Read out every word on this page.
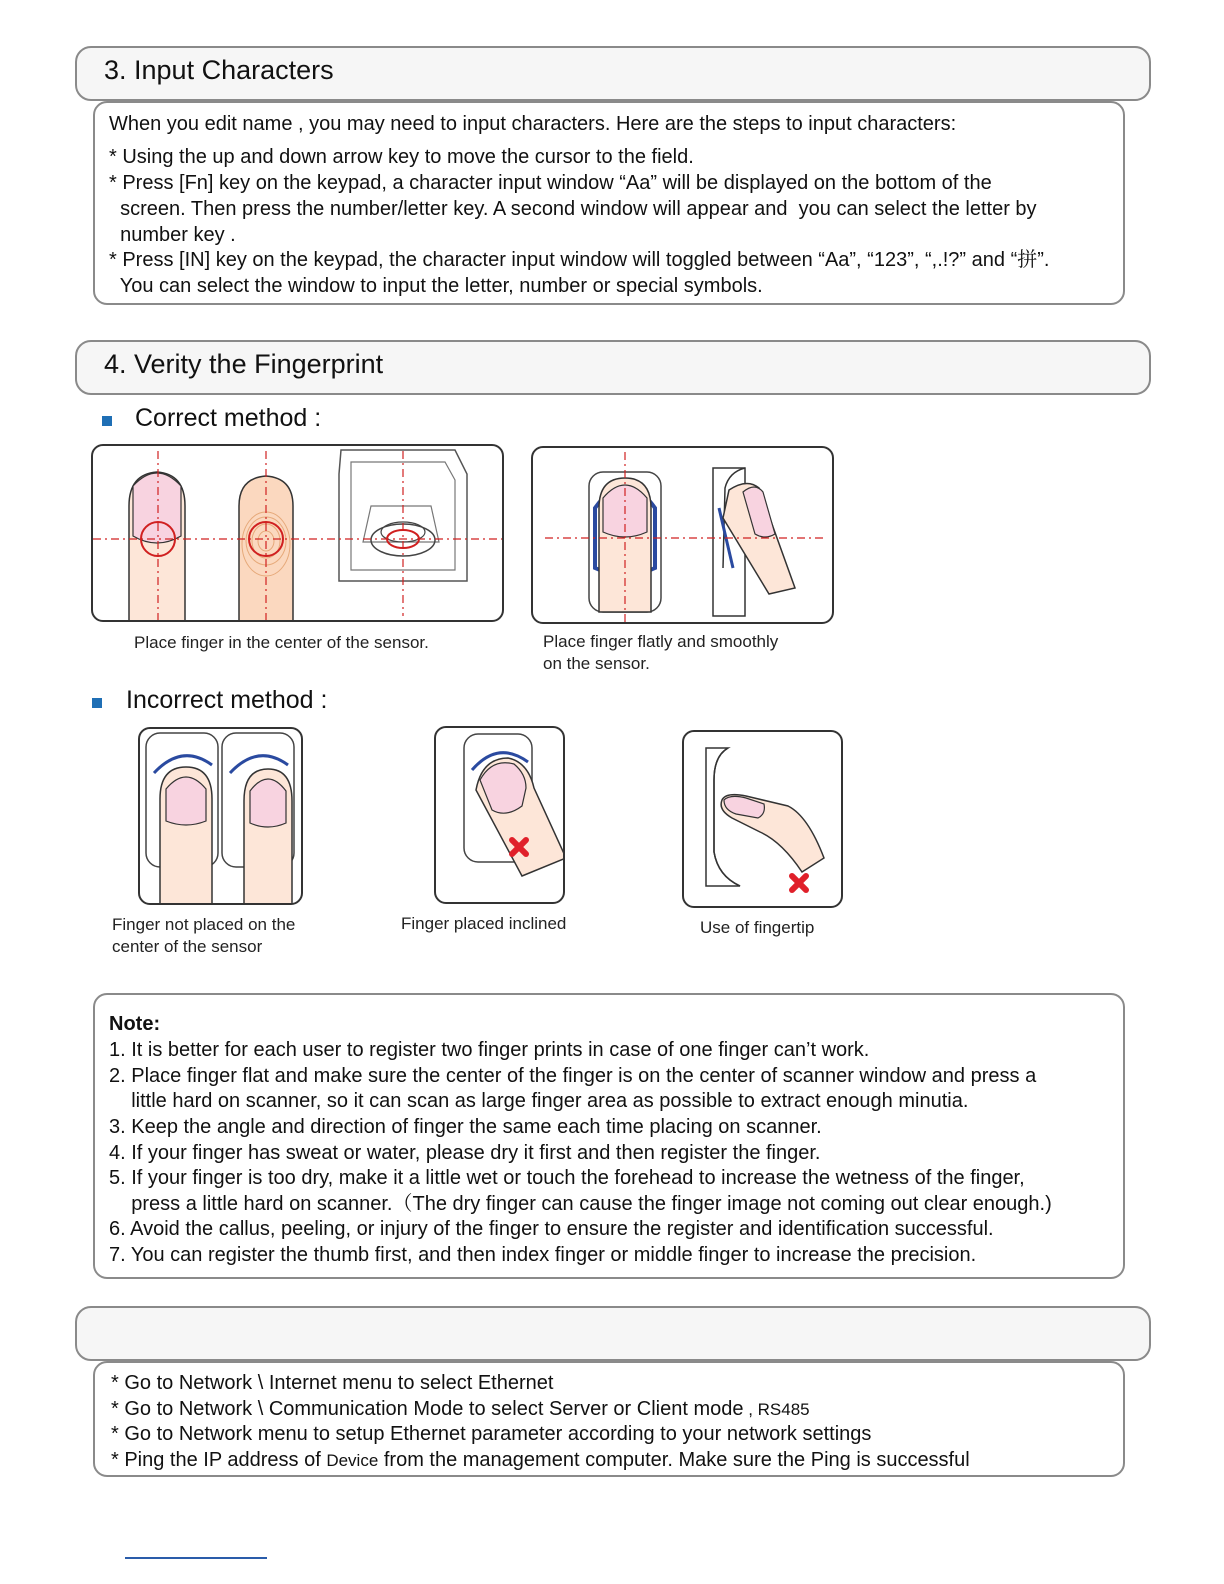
3. Input Characters
When you edit name , you may need to input characters. Here are the steps to input characters:
* Using the up and down arrow key to move the cursor to the field.
* Press [Fn] key on the keypad, a character input window “Aa” will be displayed on the bottom of the
screen. Then press the number/letter key. A second window will appear and  you can select the letter by
number key .
* Press [IN] key on the keypad, the character input window will toggled between “Aa”, “123”, “,.!?” and “拼”.
You can select the window to input the letter, number or special symbols.
4. Verity the Fingerprint
Correct method :
Place finger in the center of the sensor.	Place finger flatly and smoothly
on the sensor.
Incorrect method :
Finger not placed on the
center of the sensor
Finger placed inclined	Use of fingertip
Note:
1. It is better for each user to register two finger prints in case of one finger can’t work.
2. Place finger flat and make sure the center of the finger is on the center of scanner window and press a
little hard on scanner, so it can scan as large finger area as possible to extract enough minutia.
3. Keep the angle and direction of finger the same each time placing on scanner.
4. If your finger has sweat or water, please dry it first and then register the finger.
5. If your finger is too dry, make it a little wet or touch the forehead to increase the wetness of the finger,
press a little hard on scanner.（The dry finger can cause the finger image not coming out clear enough.)
6. Avoid the callus, peeling, or injury of the finger to ensure the register and identification successful.
7. You can register the thumb first, and then index finger or middle finger to increase the precision.
* Go to Network \ Internet menu to select Ethernet
* Go to Network \ Communication Mode to select Server or Client mode , RS485
* Go to Network menu to setup Ethernet parameter according to your network settings
* Ping the IP address of Device from the management computer. Make sure the Ping is successful
